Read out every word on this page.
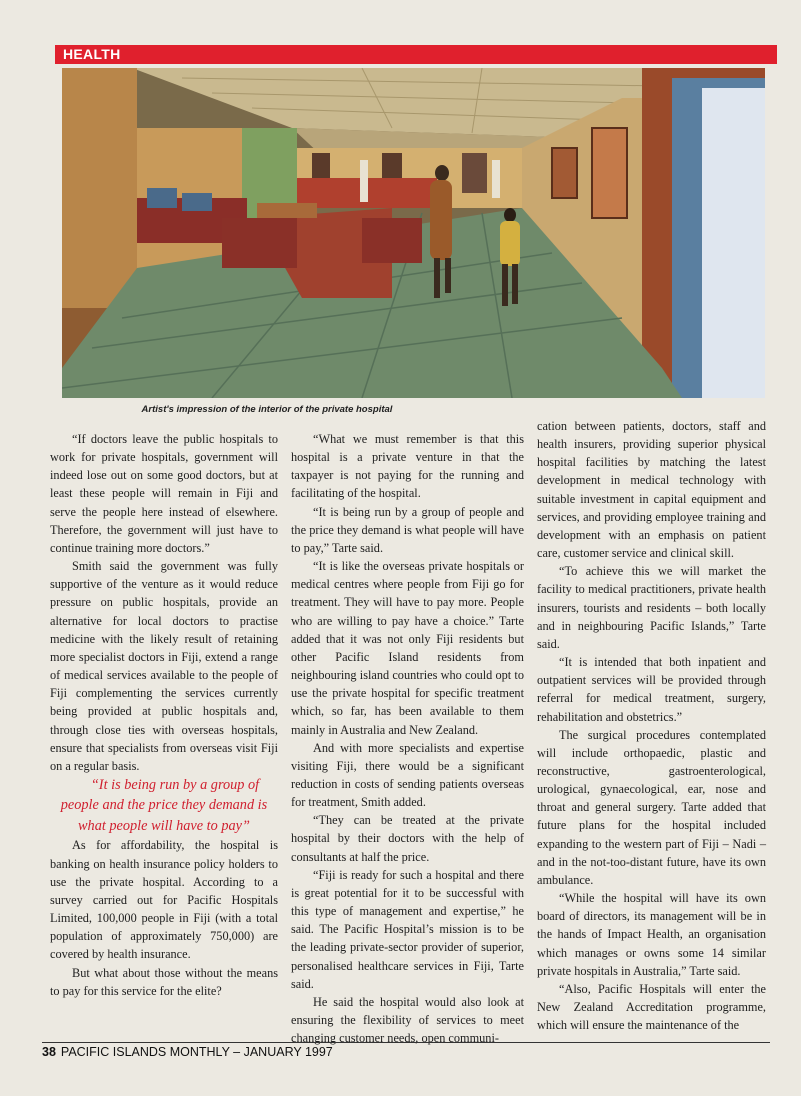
HEALTH
Artist's impression of the interior of the private hospital

“If doctors leave the public hospitals to work for private hospitals, government will indeed lose out on some good doctors, but at least these people will remain in Fiji and serve the people here instead of elsewhere. Therefore, the government will just have to continue training more doctors.”

Smith said the government was fully supportive of the venture as it would reduce pressure on public hospitals, provide an alternative for local doctors to practise medicine with the likely result of retaining more specialist doctors in Fiji, extend a range of medical services available to the people of Fiji complementing the services currently being provided at public hospitals and, through close ties with overseas hospitals, ensure that specialists from overseas visit Fiji on a regular basis.

“It is being run by a group of people and the price they demand is what people will have to pay”

As for affordability, the hospital is banking on health insurance policy holders to use the private hospital. According to a survey carried out for Pacific Hospitals Limited, 100,000 people in Fiji (with a total population of approximately 750,000) are covered by health insurance.

But what about those without the means to pay for this service for the elite?

“What we must remember is that this hospital is a private venture in that the taxpayer is not paying for the running and facilitating of the hospital.

“It is being run by a group of people and the price they demand is what people will have to pay,” Tarte said.

“It is like the overseas private hospitals or medical centres where people from Fiji go for treatment. They will have to pay more. People who are willing to pay have a choice.” Tarte added that it was not only Fiji residents but other Pacific Island residents from neighbouring island countries who could opt to use the private hospital for specific treatment which, so far, has been available to them mainly in Australia and New Zealand.

And with more specialists and expertise visiting Fiji, there would be a significant reduction in costs of sending patients overseas for treatment, Smith added.

“They can be treated at the private hospital by their doctors with the help of consultants at half the price.

“Fiji is ready for such a hospital and there is great potential for it to be successful with this type of management and expertise,” he said. The Pacific Hospital’s mission is to be the leading private-sector provider of superior, personalised healthcare services in Fiji, Tarte said.

He said the hospital would also look at ensuring the flexibility of services to meet changing customer needs, open communi-

cation between patients, doctors, staff and health insurers, providing superior physical hospital facilities by matching the latest development in medical technology with suitable investment in capital equipment and services, and providing employee training and development with an emphasis on patient care, customer service and clinical skill.

“To achieve this we will market the facility to medical practitioners, private health insurers, tourists and residents – both locally and in neighbouring Pacific Islands,” Tarte said.

“It is intended that both inpatient and outpatient services will be provided through referral for medical treatment, surgery, rehabilitation and obstetrics.”

The surgical procedures contemplated will include orthopaedic, plastic and reconstructive, gastroenterological, urological, gynaecological, ear, nose and throat and general surgery. Tarte added that future plans for the hospital included expanding to the western part of Fiji – Nadi – and in the not-too-distant future, have its own ambulance.

“While the hospital will have its own board of directors, its management will be in the hands of Impact Health, an organisation which manages or owns some 14 similar private hospitals in Australia,” Tarte said.

“Also, Pacific Hospitals will enter the New Zealand Accreditation programme, which will ensure the maintenance of the

38 PACIFIC ISLANDS MONTHLY – JANUARY 1997
